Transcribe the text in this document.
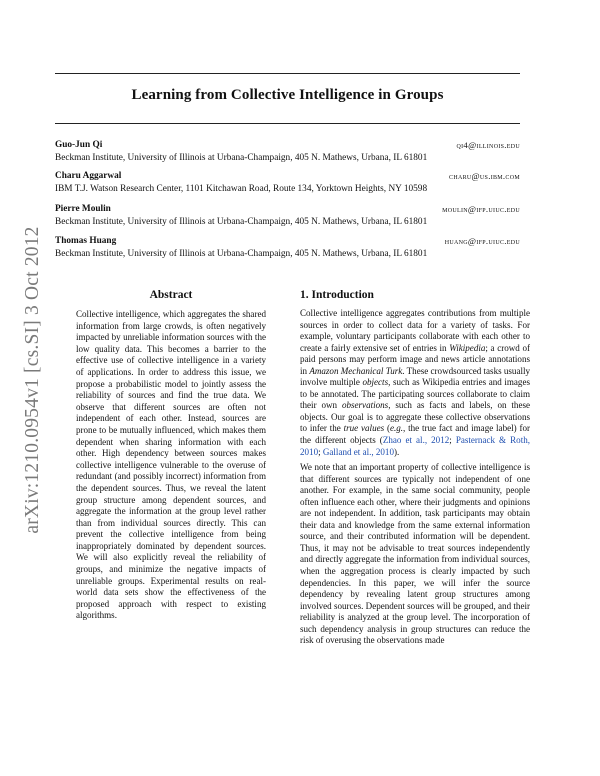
Learning from Collective Intelligence in Groups
Guo-Jun Qi	qi4@illinois.edu
Beckman Institute, University of Illinois at Urbana-Champaign, 405 N. Mathews, Urbana, IL 61801
Charu Aggarwal	charu@us.ibm.com
IBM T.J. Watson Research Center, 1101 Kitchawan Road, Route 134, Yorktown Heights, NY 10598
Pierre Moulin	moulin@ifp.uiuc.edu
Beckman Institute, University of Illinois at Urbana-Champaign, 405 N. Mathews, Urbana, IL 61801
Thomas Huang	huang@ifp.uiuc.edu
Beckman Institute, University of Illinois at Urbana-Champaign, 405 N. Mathews, Urbana, IL 61801
arXiv:1210.0954v1 [cs.SI] 3 Oct 2012	Abstract
Collective intelligence, which aggregates the shared information from large crowds, is often negatively impacted by unreliable information sources with the low quality data. This becomes a barrier to the effective use of collective intelligence in a variety of applications. In order to address this issue, we propose a probabilistic model to jointly assess the reliability of sources and find the true data. We observe that different sources are often not independent of each other. Instead, sources are prone to be mutually influenced, which makes them dependent when sharing information with each other. High dependency between sources makes collective intelligence vulnerable to the overuse of redundant (and possibly incorrect) information from the dependent sources. Thus, we reveal the latent group structure among dependent sources, and aggregate the information at the group level rather than from individual sources directly. This can prevent the collective intelligence from being inappropriately dominated by dependent sources. We will also explicitly reveal the reliability of groups, and minimize the negative impacts of unreliable groups. Experimental results on real-world data sets show the effectiveness of the proposed approach with respect to existing algorithms.
1. Introduction

Collective intelligence aggregates contributions from multiple sources in order to collect data for a variety of tasks. For example, voluntary participants collaborate with each other to create a fairly extensive set of entries in Wikipedia; a crowd of paid persons may perform image and news article annotations in Amazon Mechanical Turk. These crowdsourced tasks usually involve multiple objects, such as Wikipedia entries and images to be annotated. The participating sources collaborate to claim their own observations, such as facts and labels, on these objects. Our goal is to aggregate these collective observations to infer the true values (e.g., the true fact and image label) for the different objects (Zhao et al., 2012; Pasternack & Roth, 2010; Galland et al., 2010).

We note that an important property of collective intelligence is that different sources are typically not independent of one another. For example, in the same social community, people often influence each other, where their judgments and opinions are not independent. In addition, task participants may obtain their data and knowledge from the same external information source, and their contributed information will be dependent. Thus, it may not be advisable to treat sources independently and directly aggregate the information from individual sources, when the aggregation process is clearly impacted by such dependencies. In this paper, we will infer the source dependency by revealing latent group structures among involved sources. Dependent sources will be grouped, and their reliability is analyzed at the group level. The incorporation of such dependency analysis in group structures can reduce the risk of overusing the observations made
